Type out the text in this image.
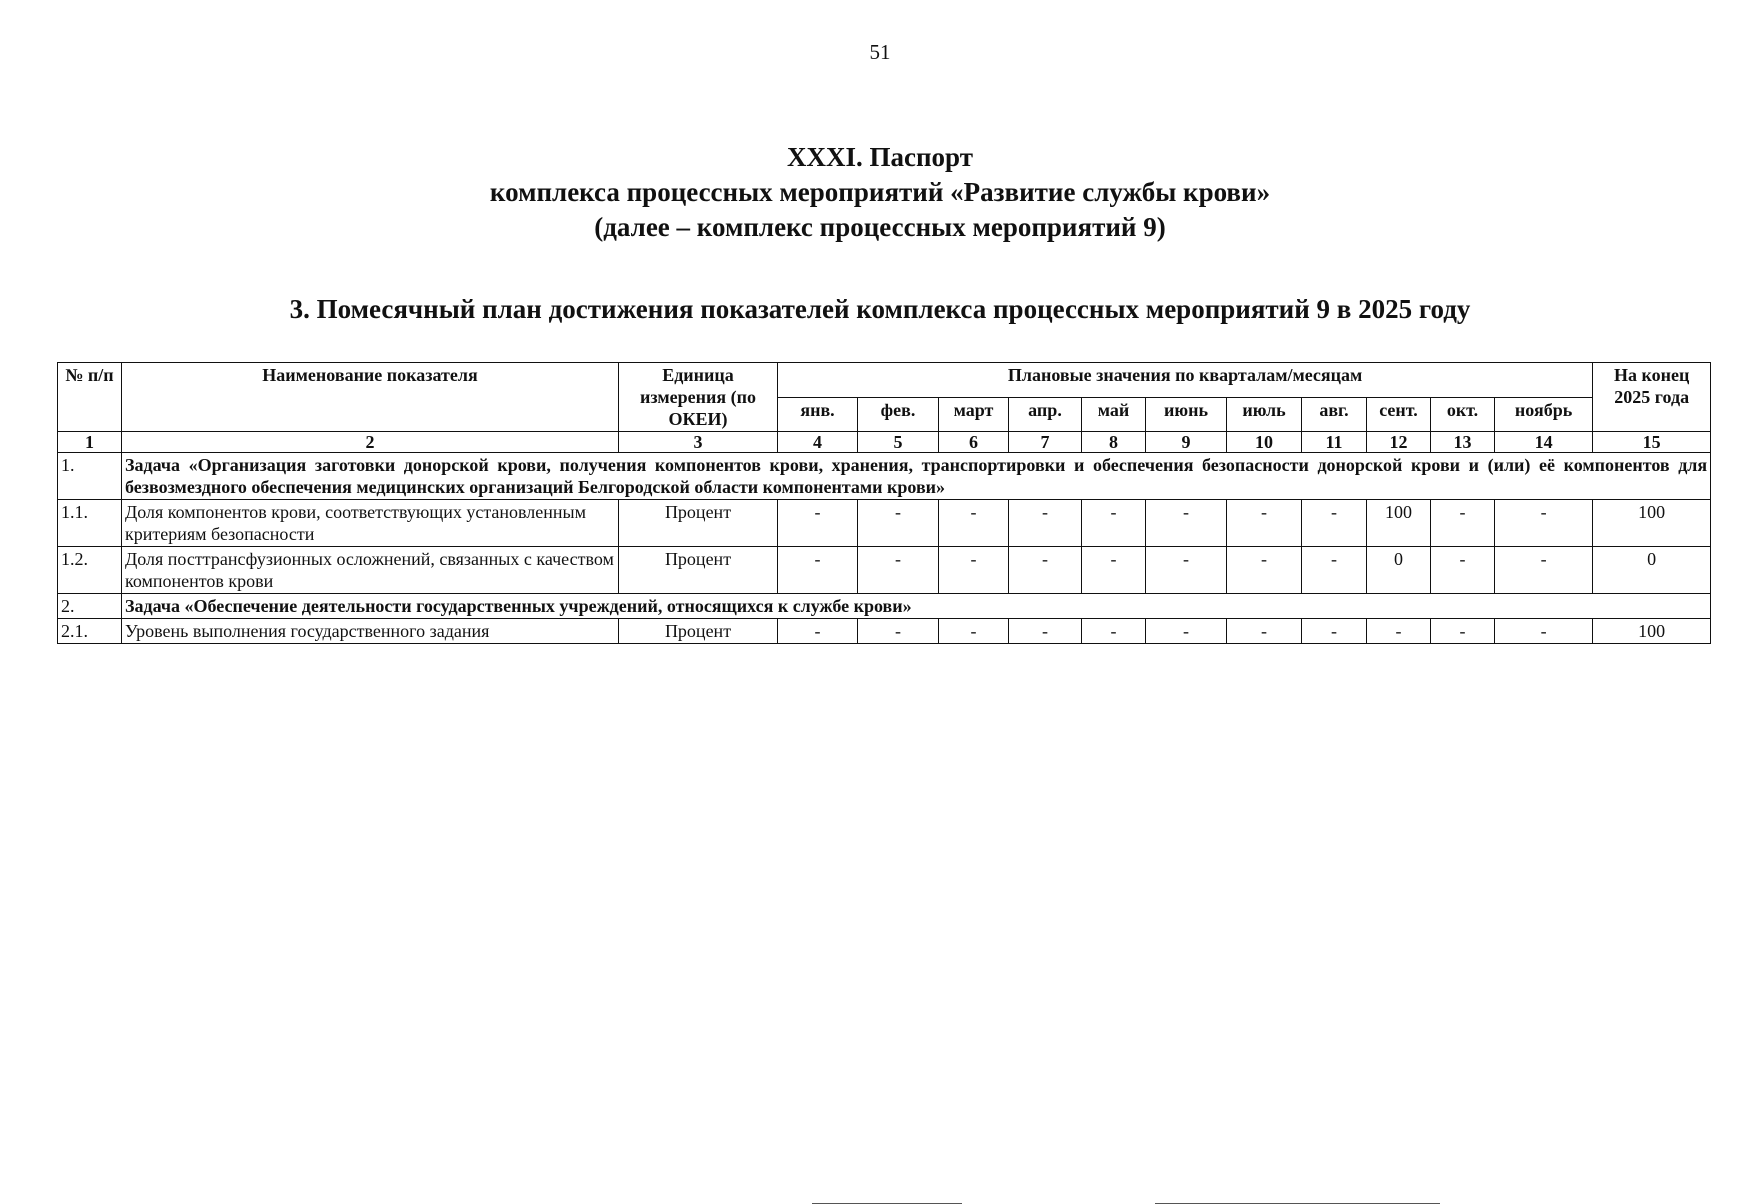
51
XXXI. Паспорт
комплекса процессных мероприятий «Развитие службы крови»
(далее – комплекс процессных мероприятий 9)
3. Помесячный план достижения показателей комплекса процессных мероприятий 9 в 2025 году
№ п/п	Наименование показателя	Единица измерения (по ОКЕИ)	Плановые значения по кварталам/месяцам											На конец 2025 года
			янв.	фев.	март	апр.	май	июнь	июль	авг.	сент.	окт.	ноябрь	
1	2	3	4	5	6	7	8	9	10	11	12	13	14	15
1.	Задача «Организация заготовки донорской крови, получения компонентов крови, хранения, транспортировки и обеспечения безопасности донорской крови и (или) её компонентов для безвозмездного обеспечения медицинских организаций Белгородской области компонентами крови»													
1.1.	Доля компонентов крови, соответствующих установленным критериям безопасности	Процент	-	-	-	-	-	-	-	-	100	-	-	100
1.2.	Доля посттрансфузионных осложнений, связанных с качеством компонентов крови	Процент	-	-	-	-	-	-	-	-	0	-	-	0
2.	Задача «Обеспечение деятельности государственных учреждений, относящихся к службе крови»													
2.1.	Уровень выполнения государственного задания	Процент	-	-	-	-	-	-	-	-	-	-	-	100
